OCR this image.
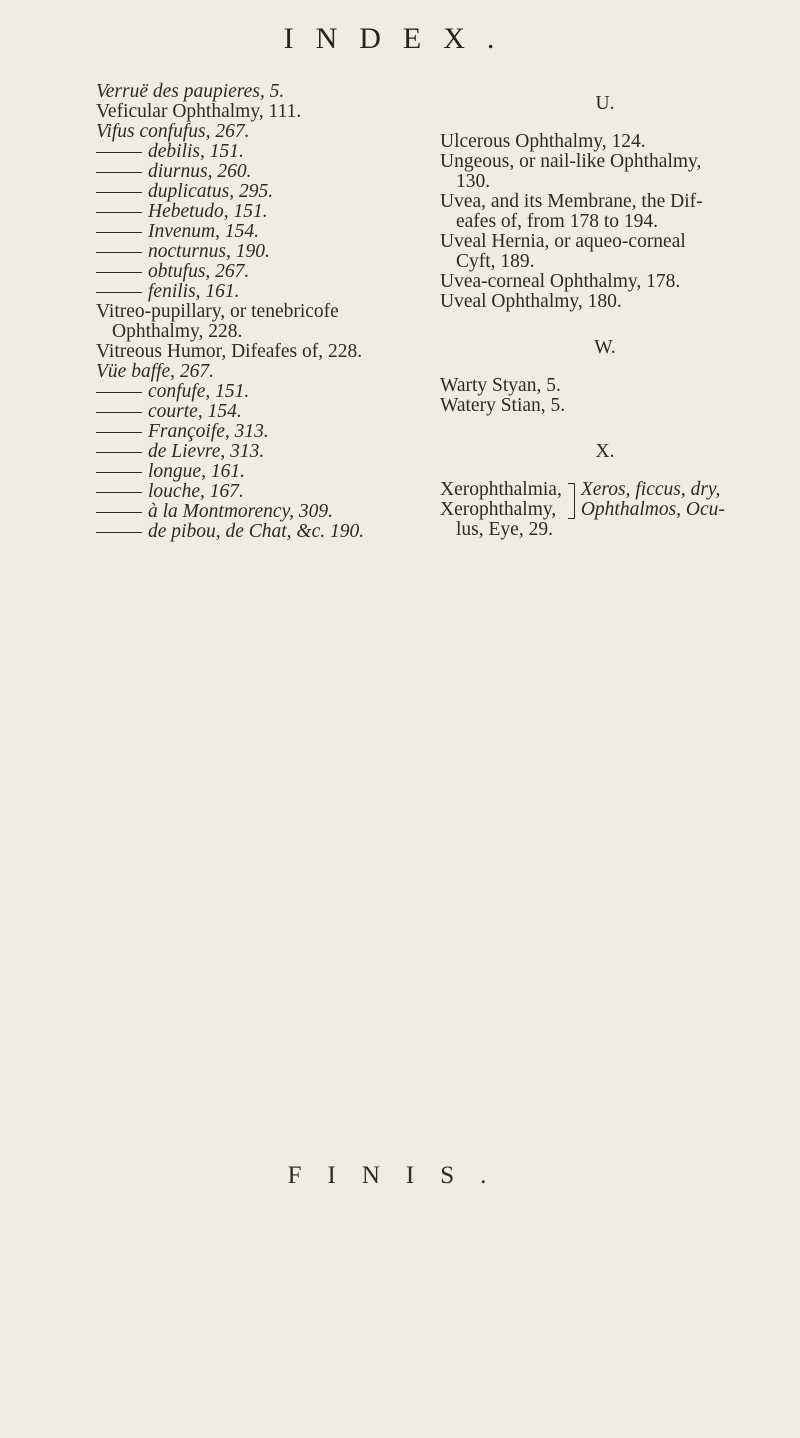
INDEX.
Verruë des paupieres, 5.
Veficular Ophthalmy, 111.
Vifus confufus, 267.
debilis, 151.
diurnus, 260.
duplicatus, 295.
Hebetudo, 151.
Invenum, 154.
nocturnus, 190.
obtufus, 267.
fenilis, 161.
Vitreo-pupillary, or tenebricofe
Ophthalmy, 228.
Vitreous Humor, Difeafes of, 228.
Vüe baffe, 267.
confufe, 151.
courte, 154.
Françoife, 313.
de Lievre, 313.
longue, 161.
louche, 167.
à la Montmorency, 309.
de pibou, de Chat, &c. 190.
U.
Ulcerous Ophthalmy, 124.
Ungeous, or nail-like Ophthalmy,
130.
Uvea, and its Membrane, the Dif-
eafes of, from 178 to 194.
Uveal Hernia, or aqueo-corneal
Cyft, 189.
Uvea-corneal Ophthalmy, 178.
Uveal Ophthalmy, 180.
W.
Warty Styan, 5.
Watery Stian, 5.
X.
Xerophthalmia,
Xerophthalmy,
Xeros, ficcus, dry,
Ophthalmos, Ocu-
lus, Eye, 29.
FINIS.
